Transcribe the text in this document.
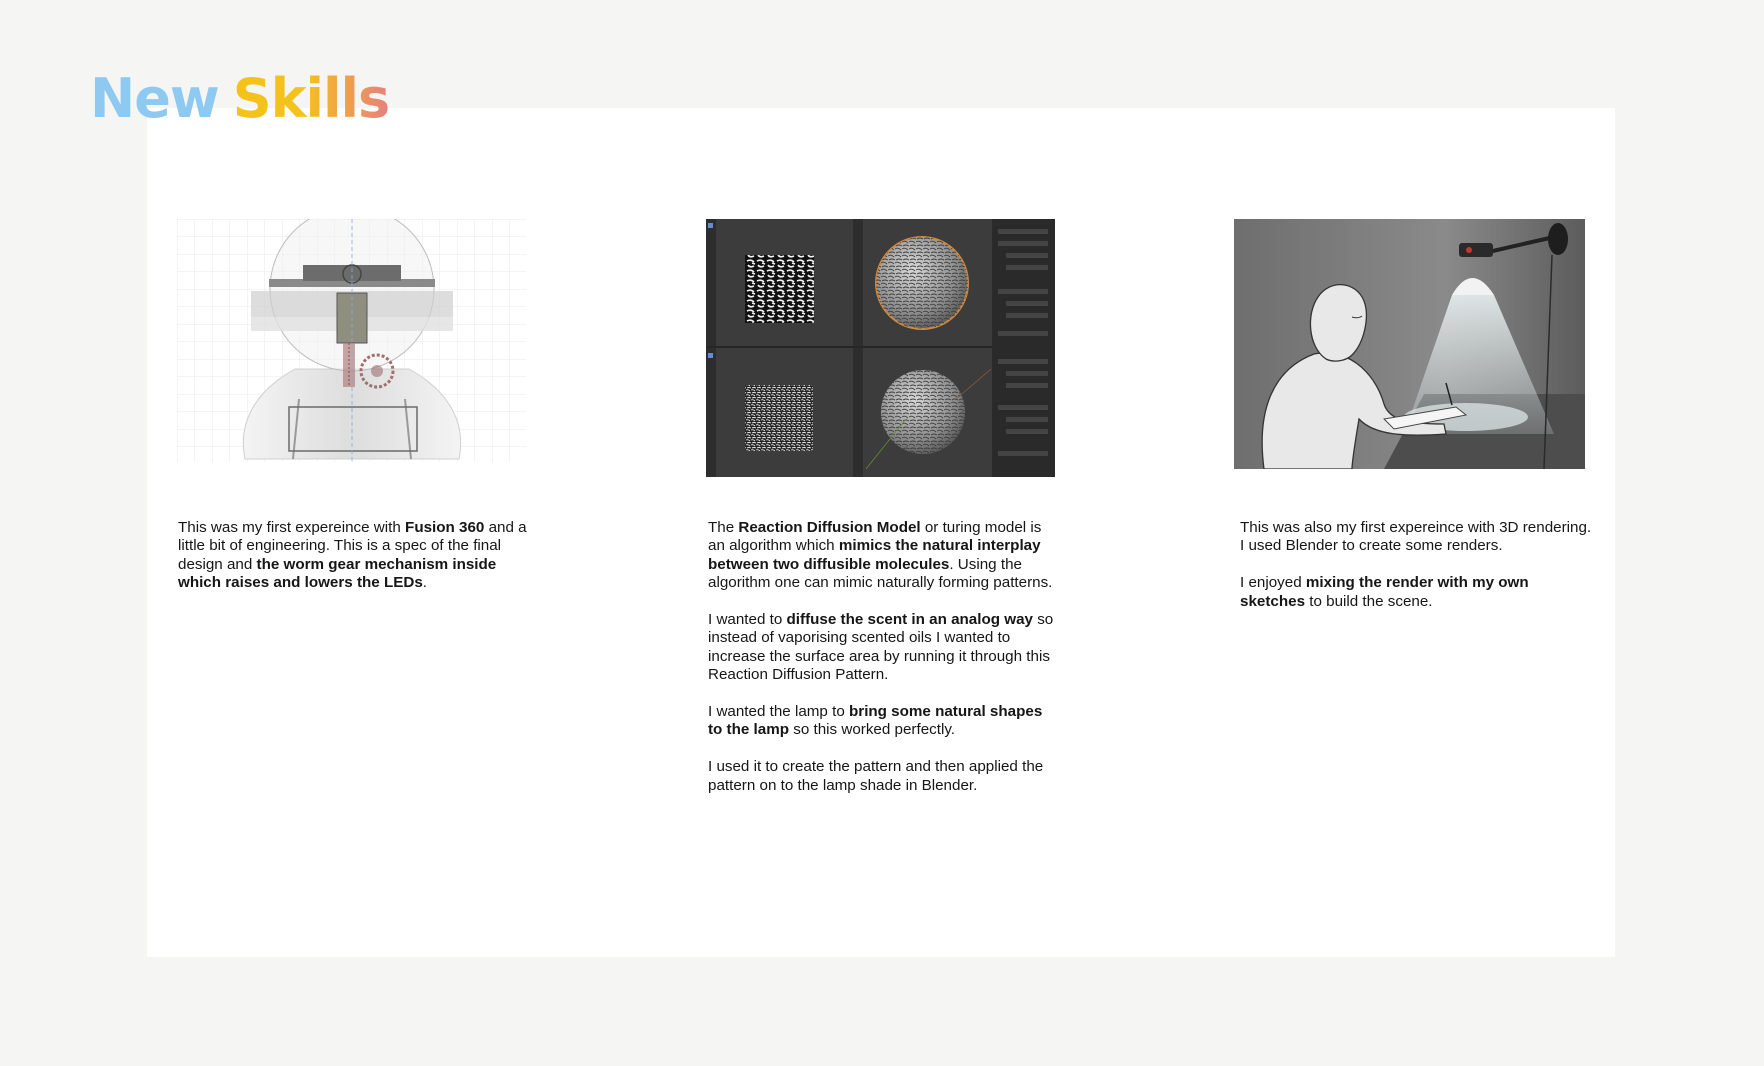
New Skills

This was my first expereince with Fusion 360 and a little bit of engineering. This is a spec of the final design and the worm gear mechanism inside which raises and lowers the LEDs.

The Reaction Diffusion Model or turing model is an algorithm which mimics the natural interplay between two diffusible molecules. Using the algorithm one can mimic naturally forming patterns.

I wanted to diffuse the scent in an analog way so instead of vaporising scented oils I wanted to increase the surface area by running it through this Reaction Diffusion Pattern.

I wanted the lamp to bring some natural shapes to the lamp so this worked perfectly.

I used it to create the pattern and then applied the pattern on to the lamp shade in Blender.

This was also my first expereince with 3D rendering. I used Blender to create some renders.

I enjoyed mixing the render with my own sketches to build the scene.
